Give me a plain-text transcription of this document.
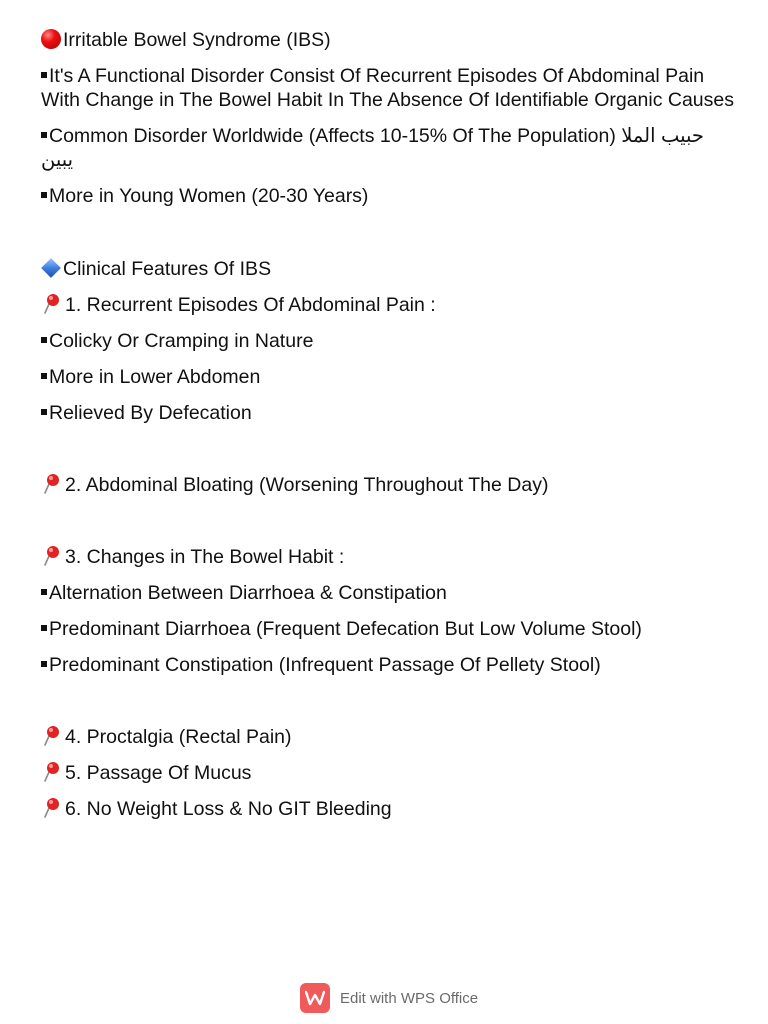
Irritable Bowel Syndrome (IBS)
It's A Functional Disorder Consist Of Recurrent Episodes Of Abdominal Pain With Change in The Bowel Habit In The Absence Of Identifiable Organic Causes
Common Disorder Worldwide (Affects 10-15% Of The Population) حبيب الملا يبين
More in Young Women (20-30 Years)
Clinical Features Of IBS
1. Recurrent Episodes Of Abdominal Pain :
Colicky Or Cramping in Nature
More in Lower Abdomen
Relieved By Defecation
2. Abdominal Bloating (Worsening Throughout The Day)
3. Changes in The Bowel Habit :
Alternation Between Diarrhoea & Constipation
Predominant Diarrhoea (Frequent Defecation But Low Volume Stool)
Predominant Constipation (Infrequent Passage Of Pellety Stool)
4. Proctalgia (Rectal Pain)
5. Passage Of Mucus
6. No Weight Loss & No GIT Bleeding
Edit with WPS Office
